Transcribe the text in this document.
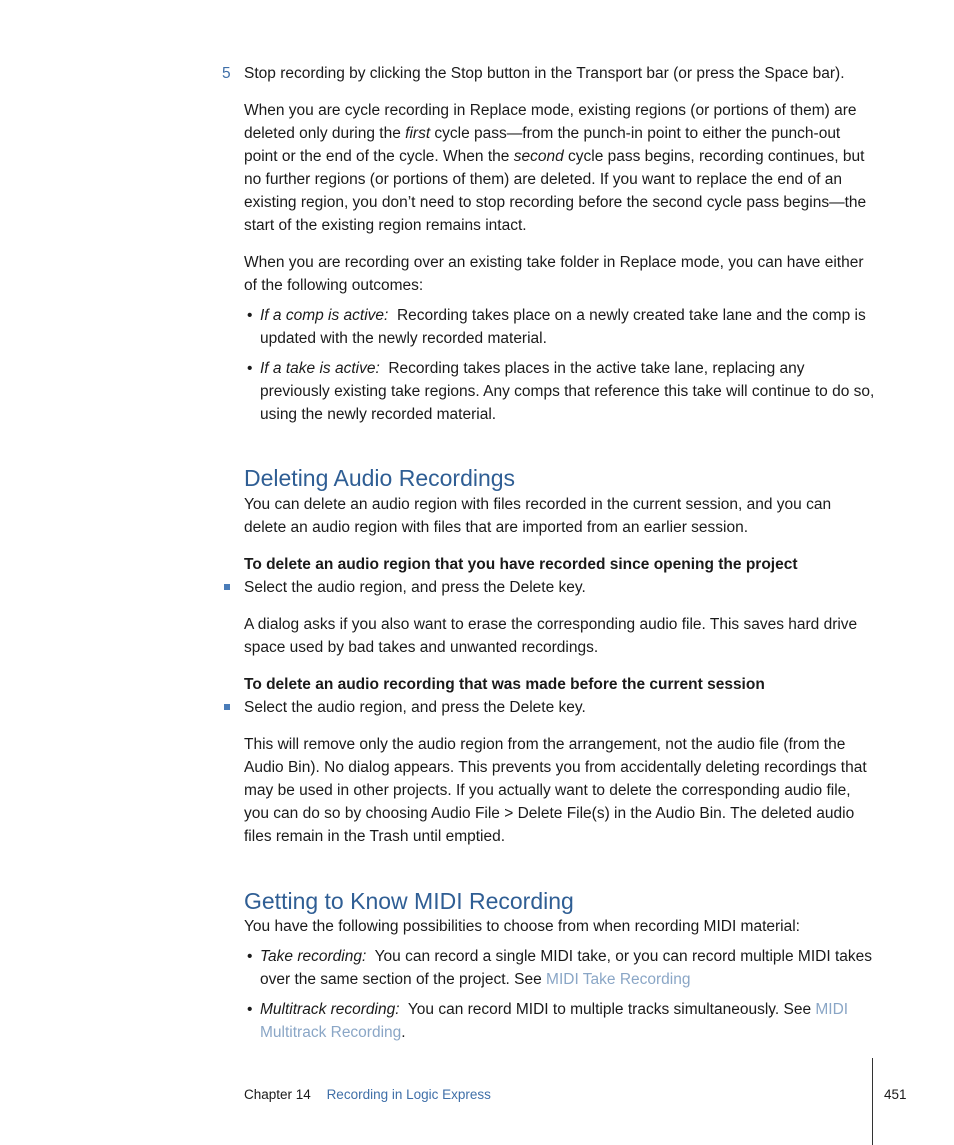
5 Stop recording by clicking the Stop button in the Transport bar (or press the Space bar).

When you are cycle recording in Replace mode, existing regions (or portions of them) are deleted only during the first cycle pass—from the punch-in point to either the punch-out point or the end of the cycle. When the second cycle pass begins, recording continues, but no further regions (or portions of them) are deleted. If you want to replace the end of an existing region, you don’t need to stop recording before the second cycle pass begins—the start of the existing region remains intact.

When you are recording over an existing take folder in Replace mode, you can have either of the following outcomes:

• If a comp is active:  Recording takes place on a newly created take lane and the comp is updated with the newly recorded material.
• If a take is active:  Recording takes places in the active take lane, replacing any previously existing take regions. Any comps that reference this take will continue to do so, using the newly recorded material.
Deleting Audio Recordings

You can delete an audio region with files recorded in the current session, and you can delete an audio region with files that are imported from an earlier session.

To delete an audio region that you have recorded since opening the project
Select the audio region, and press the Delete key.

A dialog asks if you also want to erase the corresponding audio file. This saves hard drive space used by bad takes and unwanted recordings.

To delete an audio recording that was made before the current session
Select the audio region, and press the Delete key.

This will remove only the audio region from the arrangement, not the audio file (from the Audio Bin). No dialog appears. This prevents you from accidentally deleting recordings that may be used in other projects. If you actually want to delete the corresponding audio file, you can do so by choosing Audio File > Delete File(s) in the Audio Bin. The deleted audio files remain in the Trash until emptied.

Getting to Know MIDI Recording

You have the following possibilities to choose from when recording MIDI material:

• Take recording:  You can record a single MIDI take, or you can record multiple MIDI takes over the same section of the project. See MIDI Take Recording
• Multitrack recording:  You can record MIDI to multiple tracks simultaneously. See MIDI Multitrack Recording.
Chapter 14 Recording in Logic Express	451
